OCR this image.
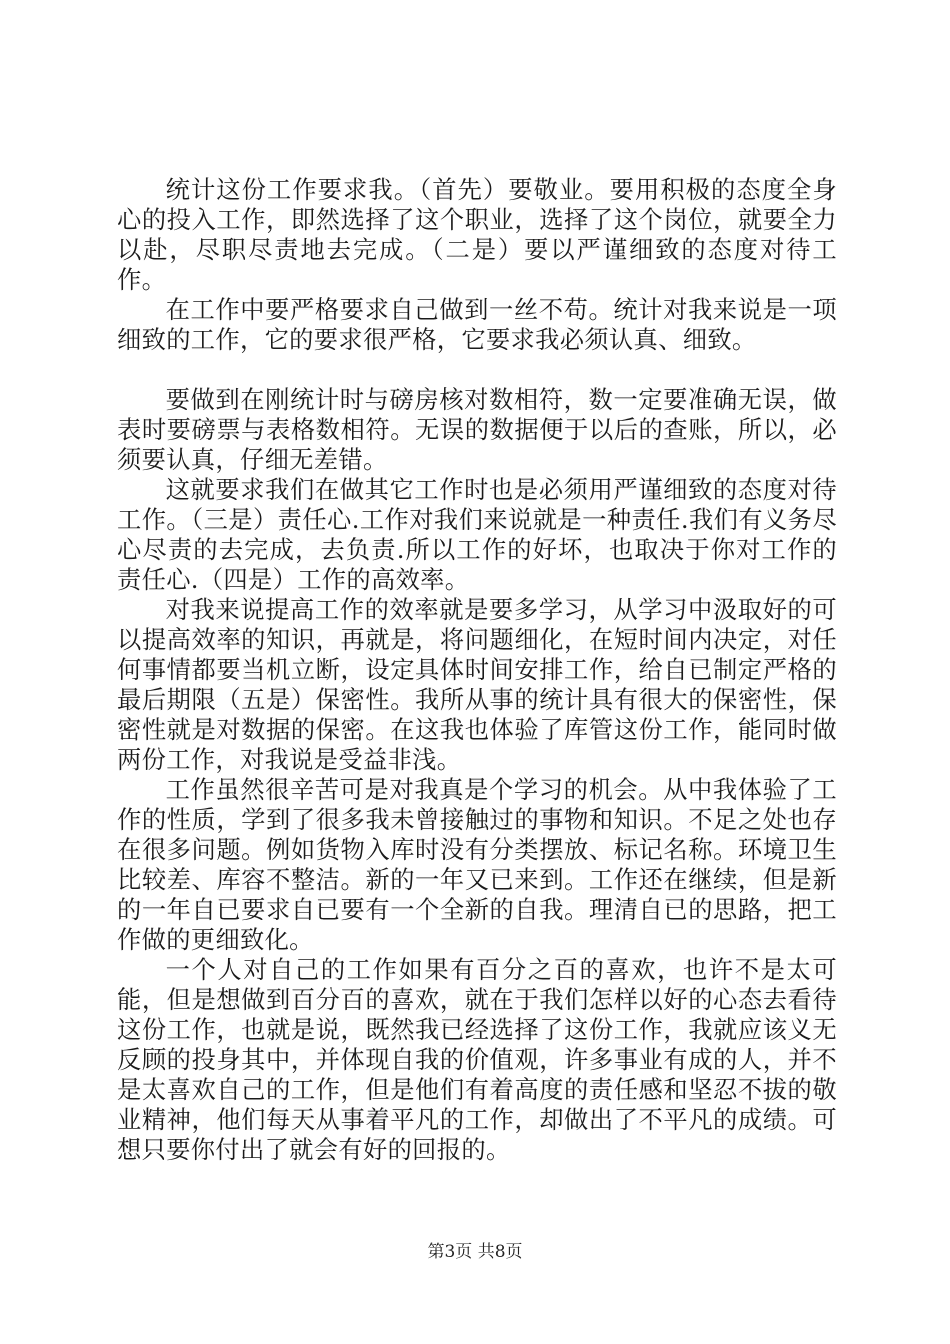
统计这份工作要求我。（首先）要敬业。要用积极的态度全身心的投入工作，即然选择了这个职业，选择了这个岗位，就要全力以赴，尽职尽责地去完成。（二是）要以严谨细致的态度对待工作。

在工作中要严格要求自己做到一丝不苟。统计对我来说是一项细致的工作，它的要求很严格，它要求我必须认真、细致。

要做到在刚统计时与磅房核对数相符，数一定要准确无误，做表时要磅票与表格数相符。无误的数据便于以后的查账，所以，必须要认真，仔细无差错。

这就要求我们在做其它工作时也是必须用严谨细致的态度对待工作。（三是）责任心.工作对我们来说就是一种责任.我们有义务尽心尽责的去完成，去负责.所以工作的好坏，也取决于你对工作的责任心.（四是）工作的高效率。

对我来说提高工作的效率就是要多学习，从学习中汲取好的可以提高效率的知识，再就是，将问题细化，在短时间内决定，对任何事情都要当机立断，设定具体时间安排工作，给自已制定严格的最后期限（五是）保密性。我所从事的统计具有很大的保密性，保密性就是对数据的保密。在这我也体验了库管这份工作，能同时做两份工作，对我说是受益非浅。

工作虽然很辛苦可是对我真是个学习的机会。从中我体验了工作的性质，学到了很多我未曾接触过的事物和知识。不足之处也存在很多问题。例如货物入库时没有分类摆放、标记名称。环境卫生比较差、库容不整洁。新的一年又已来到。工作还在继续，但是新的一年自已要求自已要有一个全新的自我。理清自已的思路，把工作做的更细致化。

一个人对自己的工作如果有百分之百的喜欢，也许不是太可能，但是想做到百分百的喜欢，就在于我们怎样以好的心态去看待这份工作，也就是说，既然我已经选择了这份工作，我就应该义无反顾的投身其中，并体现自我的价值观，许多事业有成的人，并不是太喜欢自己的工作，但是他们有着高度的责任感和坚忍不拔的敬业精神，他们每天从事着平凡的工作，却做出了不平凡的成绩。可想只要你付出了就会有好的回报的。

第3页 共8页
